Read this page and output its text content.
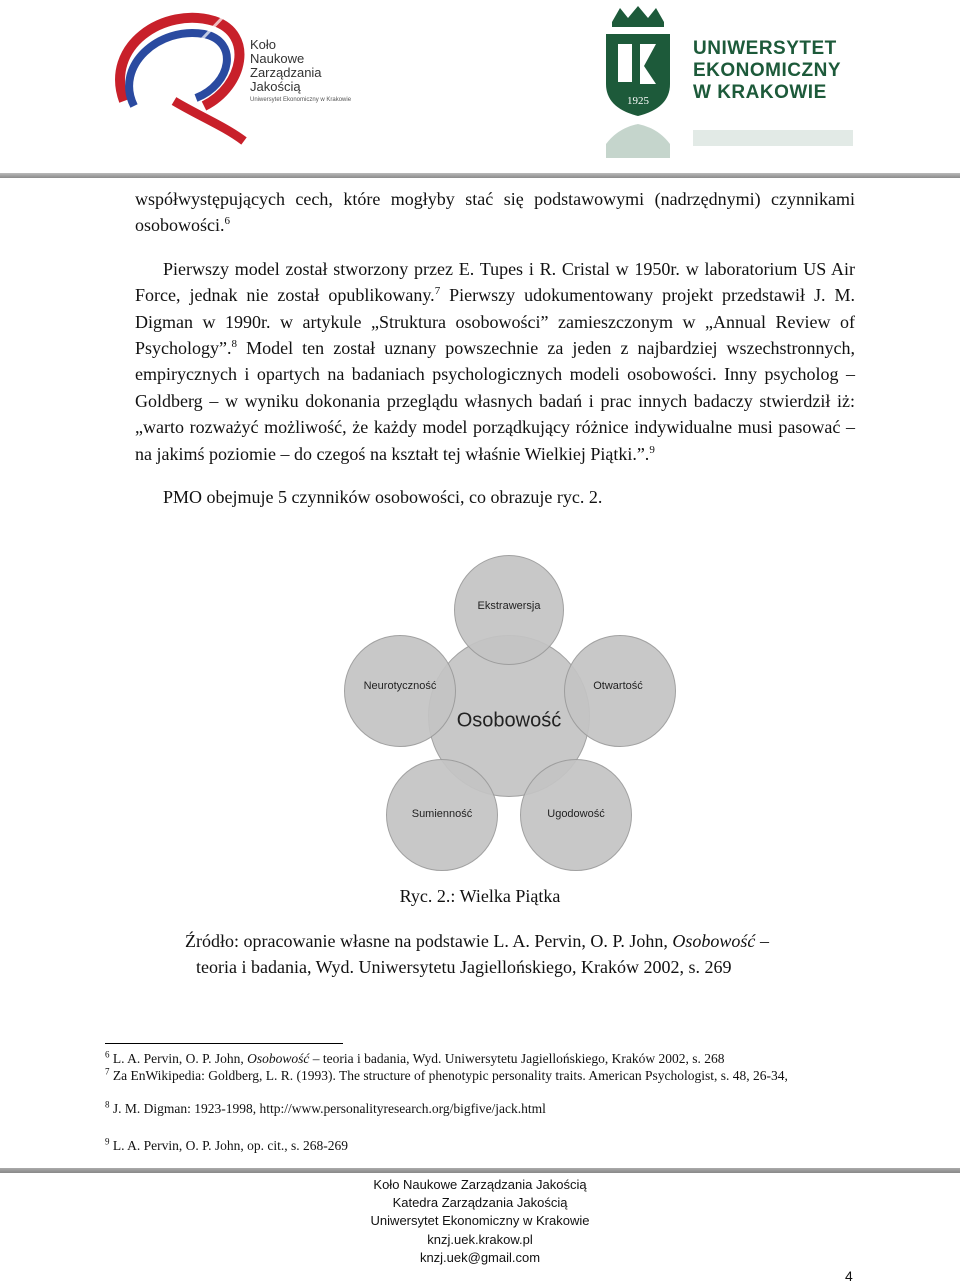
Koło
Naukowe
Zarządzania
Jakością
Uniwersytet Ekonomiczny w Krakowie	1925
UNIWERSYTET
EKONOMICZNY
W KRAKOWIE

współwystępujących cech, które mogłyby stać się podstawowymi (nadrzędnymi) czynnikami osobowości.$^6$

Pierwszy model został stworzony przez E. Tupes i R. Cristal w 1950r. w laboratorium US Air Force, jednak nie został opublikowany.$^7$ Pierwszy udokumentowany projekt przedstawił J. M. Digman w 1990r. w artykule „Struktura osobowości” zamieszczonym w „Annual Review of Psychology”.$^8$ Model ten został uznany powszechnie za jeden z najbardziej wszechstronnych, empirycznych i opartych na badaniach psychologicznych modeli osobowości. Inny psycholog – Goldberg – w wyniku dokonania przeglądu własnych badań i prac innych badaczy stwierdził iż: „warto rozważyć możliwość, że każdy model porządkujący różnice indywidualne musi pasować – na jakimś poziomie – do czegoś na kształt tej właśnie Wielkiej Piątki.”.$^9$

PMO obejmuje 5 czynników osobowości, co obrazuje ryc. 2.

Ekstrawersja
Neurotyczność	Otwartość
Sumienność	Ugodowość
Osobowość
Ryc. 2.: Wielka Piątka
Źródło: opracowanie własne na podstawie L. A. Pervin, O. P. John, Osobowość –
teoria i badania, Wyd. Uniwersytetu Jagiellońskiego, Kraków 2002, s. 269
$^6$ L. A. Pervin, O. P. John, Osobowość – teoria i badania, Wyd. Uniwersytetu Jagiellońskiego, Kraków 2002, s. 268
$^7$ Za EnWikipedia: Goldberg, L. R. (1993). The structure of phenotypic personality traits. American Psychologist, s. 48, 26-34,
$^8$ J. M. Digman: 1923-1998, http://www.personalityresearch.org/bigfive/jack.html
$^9$ L. A. Pervin, O. P. John, op. cit., s. 268-269
Koło Naukowe Zarządzania Jakością
Katedra Zarządzania Jakością
Uniwersytet Ekonomiczny w Krakowie
knzj.uek.krakow.pl
knzj.uek@gmail.com
4
